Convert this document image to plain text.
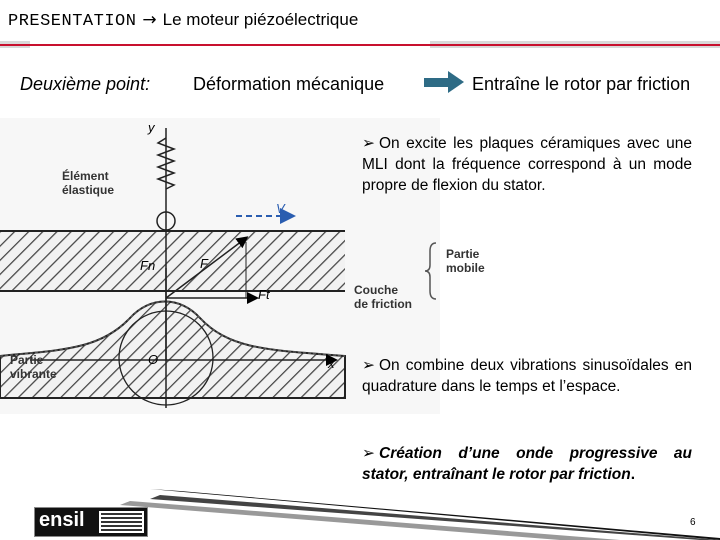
PRESENTATION → Le moteur piézoélectrique
Deuxième point: Déformation mécanique	Entraîne le rotor par friction
y
x
V
Fn	F
Ft
O
Élément
élastique
Partie
mobile
Couche
de friction
Partie
vibrante
➢ On excite les plaques céramiques avec une MLI dont la fréquence correspond à un mode propre de flexion du stator.
➢ On combine deux vibrations sinusoïdales en quadrature dans le temps et l’espace.
➢ Création d’une onde progressive au stator, entraînant le rotor par friction.
ensil	6
